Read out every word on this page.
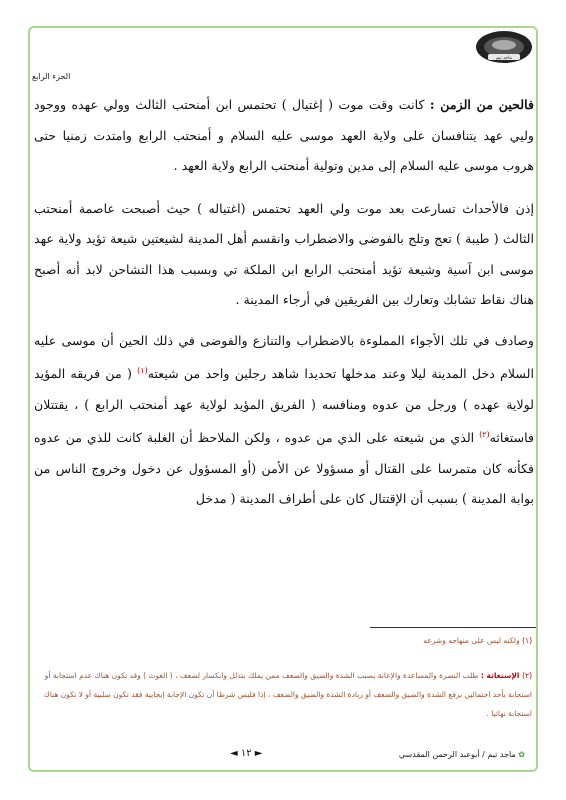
ماجد تيم
الجزء الرابع

فالحين من الزمن : كانت وقت موت ( إغتيال ) تحتمس ابن أمنحتب الثالث وولي عهده ووجود وليي عهد يتنافسان على ولاية العهد موسى عليه السلام و أمنحتب الرابع وامتدت زمنيا حتى هروب موسى عليه السلام إلى مدين وتولية أمنحتب الرابع ولاية العهد .

إذن فالأحداث تسارعت بعد موت ولي العهد تحتمس (اغتياله ) حيث أصبحت عاصمة أمنحتب الثالث ( طيبة ) تعج وتلج بالفوضى والاضطراب وانقسم أهل المدينة لشيعتين شيعة تؤيد ولاية عهد موسى ابن آسية وشيعة تؤيد أمنحتب الرابع ابن الملكة تي وبسبب هذا التشاحن لابد أنه أصبح هناك نقاط تشابك وتعارك بين الفريقين في أرجاء المدينة .

وصادف في تلك الأجواء المملوءة بالاضطراب والتنازع والفوضى في ذلك الحين أن موسى عليه السلام دخل المدينة ليلا وعند مدخلها تحديدا شاهد رجلين واحد من شيعته$^{(١)}$ ( من فريقه المؤيد لولاية عهده ) ورجل من عدوه ومنافسه ( الفريق المؤيد لولاية عهد أمنحتب الرابع ) ، يقتتلان فاستغاثه$^{(٢)}$ الذي من شيعته على الذي من عدوه ، ولكن الملاحظ أن الغلبة كانت للذي من عدوه فكأنه كان متمرسا على القتال أو مسؤولا عن الأمن (أو المسؤول عن دخول وخروج الناس من بوابة المدينة ) بسبب أن الإقتتال كان على أطراف المدينة ( مدخل

(١) ولكنه ليس على منهاجه وشرعه
(٢) الإستغاثة : طلب النصرة والمساعدة والإعانة بسبب الشدة والضيق والضعف ممن يملك بتذلل وانكسار لضعف ، ( الغوث ) وقد تكون هناك عدم استجابة أو استجابة بأحد احتمالين برفع الشدة والضيق والضعف أو زيادة الشدة والضيق والضعف ، إذا فليس شرطا أن تكون الإجابة إيجابية فقد تكون سلبية أو لا تكون هناك استجابة نهائيا .
◄ ١٢ ►	✿ ماجد تيم / أبوعبد الرحمن المقدسي
